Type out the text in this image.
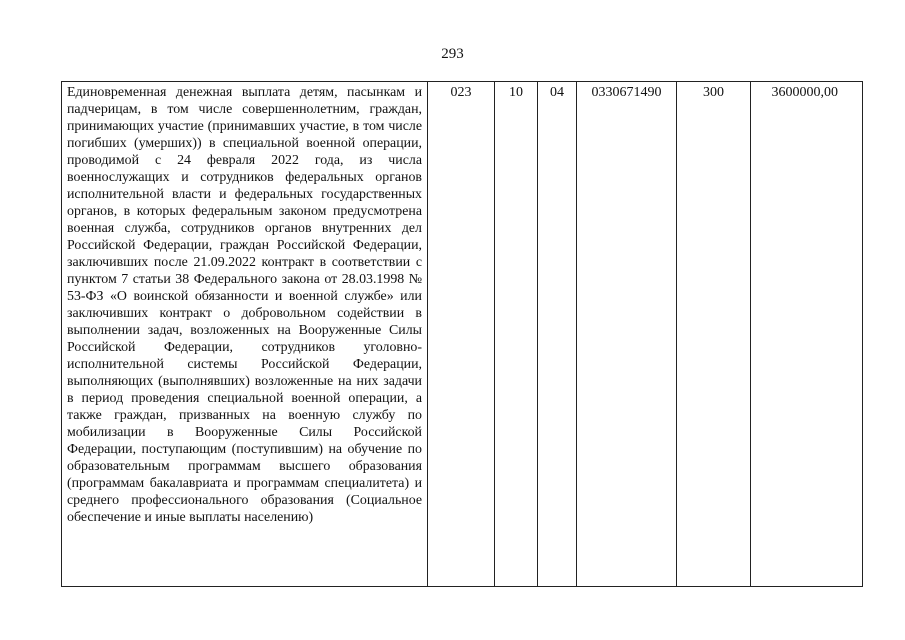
293
Единовременная денежная выплата детям, пасынкам и падчерицам, в том числе совершеннолетним, граждан, принимающих участие (принимавших участие, в том числе погибших (умерших)) в специальной военной операции, проводимой с 24 февраля 2022 года, из числа военнослужащих и сотрудников федеральных органов исполнительной власти и федеральных государственных органов, в которых федеральным законом предусмотрена военная служба, сотрудников органов внутренних дел Российской Федерации, граждан Российской Федерации, заключивших после 21.09.2022 контракт в соответствии с пунктом 7 статьи 38 Федерального закона от 28.03.1998 № 53-ФЗ «О воинской обязанности и военной службе» или заключивших контракт о добровольном содействии в выполнении задач, возложенных на Вооруженные Силы Российской Федерации, сотрудников уголовно-исполнительной системы Российской Федерации, выполняющих (выполнявших) возложенные на них задачи в период проведения специальной военной операции, а также граждан, призванных на военную службу по мобилизации в Вооруженные Силы Российской Федерации, поступающим (поступившим) на обучение по образовательным программам высшего образования (программам бакалавриата и программам специалитета) и среднего профессионального образования (Социальное обеспечение и иные выплаты населению)
	023	10	04	0330671490	300	3600000,00
